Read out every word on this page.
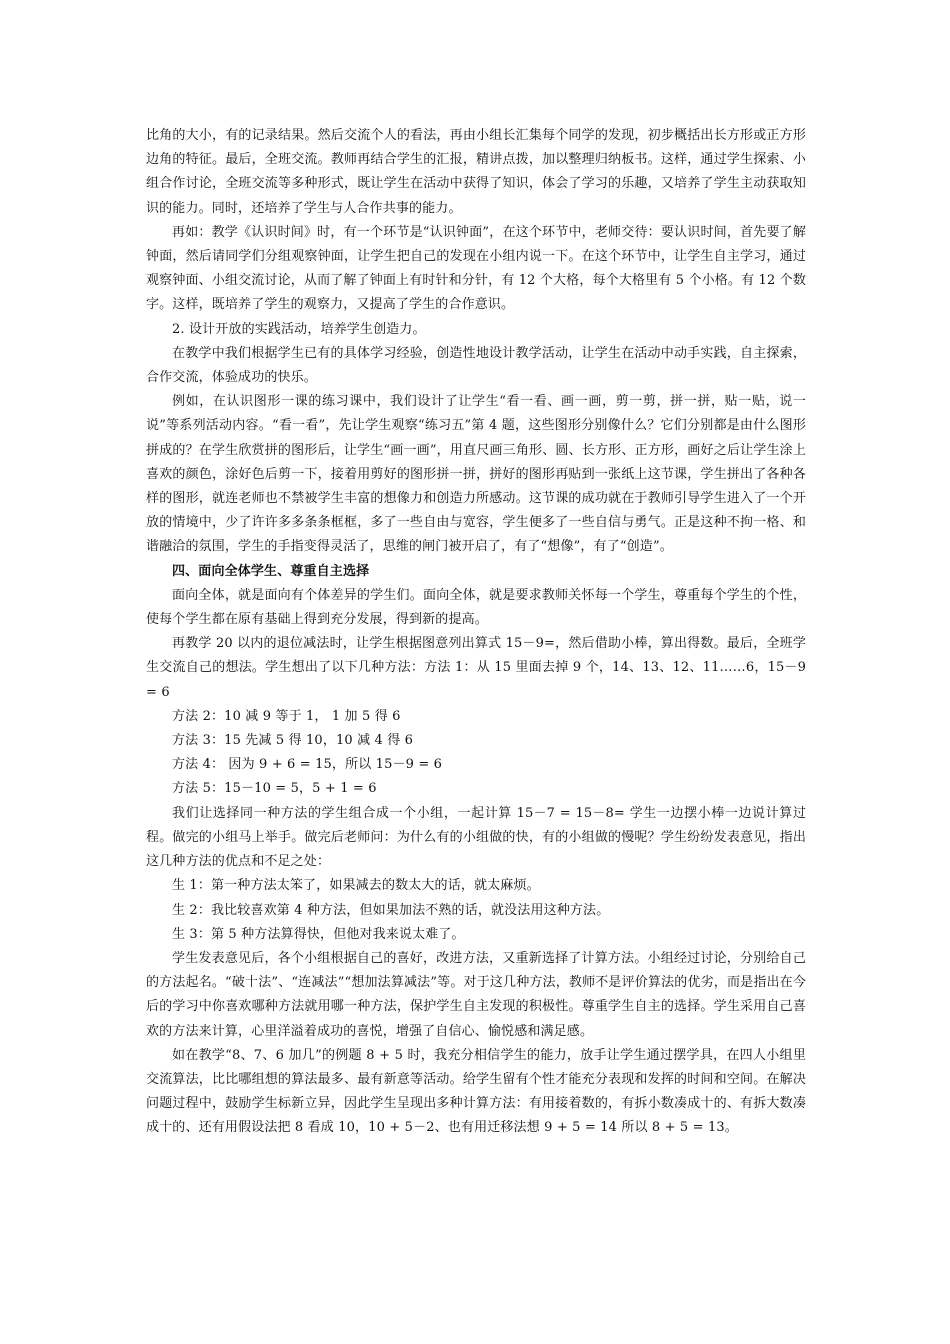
比角的大小，有的记录结果。然后交流个人的看法，再由小组长汇集每个同学的发现，初步概括出长方形或正方形边角的特征。最后，全班交流。教师再结合学生的汇报，精讲点拨，加以整理归纳板书。这样，通过学生探索、小组合作讨论，全班交流等多种形式，既让学生在活动中获得了知识，体会了学习的乐趣，又培养了学生主动获取知识的能力。同时，还培养了学生与人合作共事的能力。

再如：教学《认识时间》时，有一个环节是“认识钟面”，在这个环节中，老师交待：要认识时间，首先要了解钟面，然后请同学们分组观察钟面，让学生把自己的发现在小组内说一下。在这个环节中，让学生自主学习，通过观察钟面、小组交流讨论，从而了解了钟面上有时针和分针，有 12 个大格，每个大格里有 5 个小格。有 12 个数字。这样，既培养了学生的观察力，又提高了学生的合作意识。

2. 设计开放的实践活动，培养学生创造力。

在教学中我们根据学生已有的具体学习经验，创造性地设计教学活动，让学生在活动中动手实践，自主探索，合作交流，体验成功的快乐。

例如，在认识图形一课的练习课中，我们设计了让学生“看一看、画一画，剪一剪，拼一拼，贴一贴，说一说”等系列活动内容。“看一看”，先让学生观察“练习五”第 4 题，这些图形分别像什么？它们分别都是由什么图形拼成的？在学生欣赏拼的图形后，让学生“画一画”，用直尺画三角形、圆、长方形、正方形，画好之后让学生涂上喜欢的颜色，涂好色后剪一下，接着用剪好的图形拼一拼，拼好的图形再贴到一张纸上这节课，学生拼出了各种各样的图形，就连老师也不禁被学生丰富的想像力和创造力所感动。这节课的成功就在于教师引导学生进入了一个开放的情境中，少了许许多多条条框框，多了一些自由与宽容，学生便多了一些自信与勇气。正是这种不拘一格、和谐融洽的氛围，学生的手指变得灵活了，思维的闸门被开启了，有了“想像”，有了“创造”。

四、面向全体学生、尊重自主选择

面向全体，就是面向有个体差异的学生们。面向全体，就是要求教师关怀每一个学生，尊重每个学生的个性，使每个学生都在原有基础上得到充分发展，得到新的提高。

再教学 20 以内的退位减法时，让学生根据图意列出算式 15－9=，然后借助小棒，算出得数。最后，全班学生交流自己的想法。学生想出了以下几种方法：方法 1：从 15 里面去掉 9 个，14、13、12、11……6，15－9 = 6

方法 2：10 减 9 等于 1， 1 加 5 得 6

方法 3：15 先减 5 得 10，10 减 4 得 6

方法 4： 因为 9 + 6 = 15，所以 15－9 = 6

方法 5：15－10 = 5，5 + 1 = 6

我们让选择同一种方法的学生组合成一个小组，一起计算 15－7 = 15－8= 学生一边摆小棒一边说计算过程。做完的小组马上举手。做完后老师问：为什么有的小组做的快，有的小组做的慢呢？学生纷纷发表意见，指出这几种方法的优点和不足之处：

生 1：第一种方法太笨了，如果减去的数太大的话，就太麻烦。

生 2：我比较喜欢第 4 种方法，但如果加法不熟的话，就没法用这种方法。

生 3：第 5 种方法算得快，但他对我来说太难了。

学生发表意见后，各个小组根据自己的喜好，改进方法，又重新选择了计算方法。小组经过讨论，分别给自己的方法起名。“破十法”、“连减法”“想加法算减法”等。对于这几种方法，教师不是评价算法的优劣，而是指出在今后的学习中你喜欢哪种方法就用哪一种方法，保护学生自主发现的积极性。尊重学生自主的选择。学生采用自己喜欢的方法来计算，心里洋溢着成功的喜悦，增强了自信心、愉悦感和满足感。

如在教学“8、7、6 加几”的例题 8 + 5 时，我充分相信学生的能力，放手让学生通过摆学具，在四人小组里交流算法，比比哪组想的算法最多、最有新意等活动。给学生留有个性才能充分表现和发挥的时间和空间。在解决问题过程中，鼓励学生标新立异，因此学生呈现出多种计算方法：有用接着数的，有拆小数凑成十的、有拆大数凑成十的、还有用假设法把 8 看成 10，10 + 5－2、也有用迁移法想 9 + 5 = 14 所以 8 + 5 = 13。
